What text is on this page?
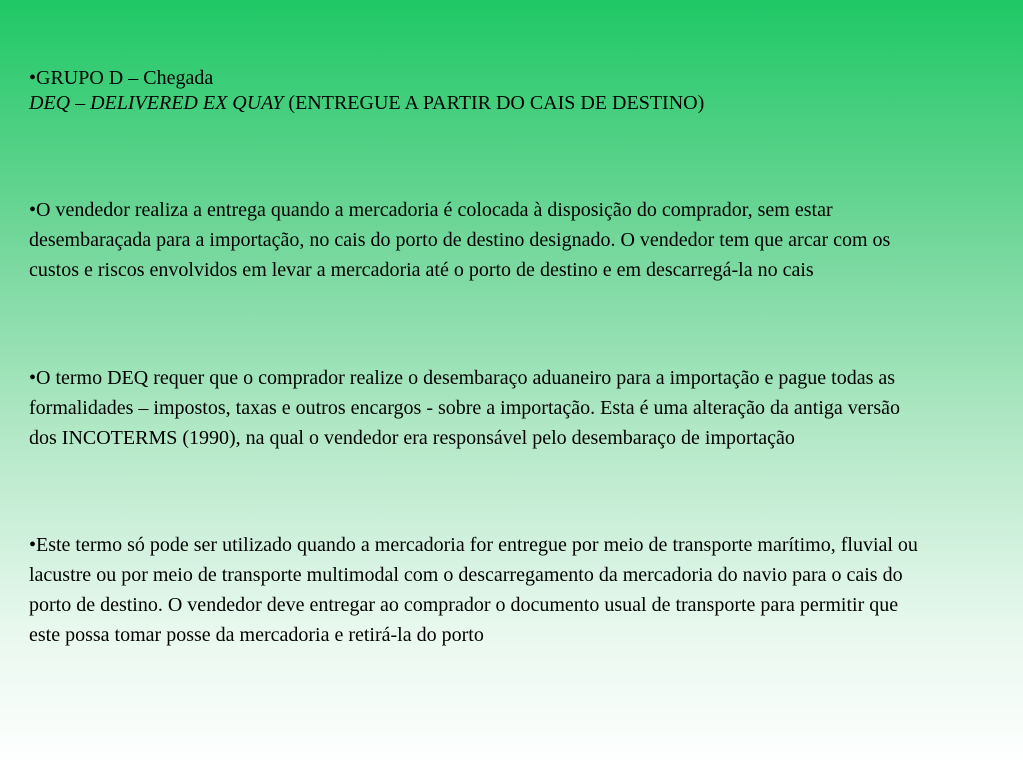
•GRUPO D – Chegada

DEQ – DELIVERED EX QUAY (ENTREGUE A PARTIR DO CAIS DE DESTINO)

•O vendedor realiza a entrega quando a mercadoria é colocada à disposição do comprador, sem estar desembaraçada para a importação, no cais do porto de destino designado. O vendedor tem que arcar com os custos e riscos envolvidos em levar a mercadoria até o porto de destino e em descarregá-la no cais

•O termo DEQ requer que o comprador realize o desembaraço aduaneiro para a importação e pague todas as formalidades – impostos, taxas e outros encargos - sobre a importação. Esta é uma alteração da antiga versão dos INCOTERMS (1990), na qual o vendedor era responsável pelo desembaraço de importação

•Este termo só pode ser utilizado quando a mercadoria for entregue por meio de transporte marítimo, fluvial ou lacustre ou por meio de transporte multimodal com o descarregamento da mercadoria do navio para o cais do porto de destino. O vendedor deve entregar ao comprador o documento usual de transporte para permitir que este possa tomar posse da mercadoria e retirá-la do porto
